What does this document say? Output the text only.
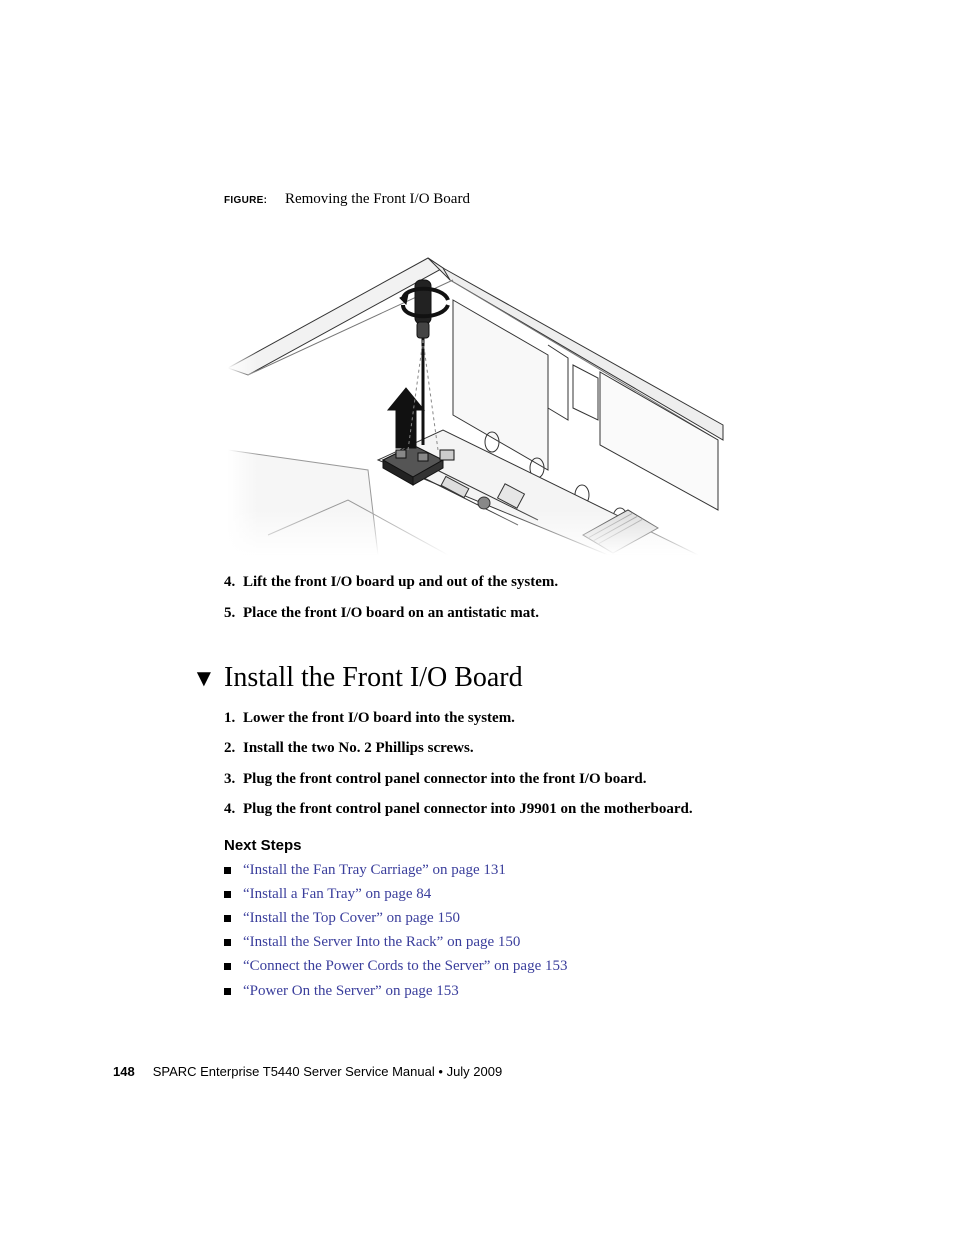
FIGURE: Removing the Front I/O Board
4. Lift the front I/O board up and out of the system.
5. Place the front I/O board on an antistatic mat.
▼ Install the Front I/O Board
1. Lower the front I/O board into the system.
2. Install the two No. 2 Phillips screws.
3. Plug the front control panel connector into the front I/O board.
4. Plug the front control panel connector into J9901 on the motherboard.
Next Steps
“Install the Fan Tray Carriage” on page 131
“Install a Fan Tray” on page 84
“Install the Top Cover” on page 150
“Install the Server Into the Rack” on page 150
“Connect the Power Cords to the Server” on page 153
“Power On the Server” on page 153
148 SPARC Enterprise T5440 Server Service Manual • July 2009
